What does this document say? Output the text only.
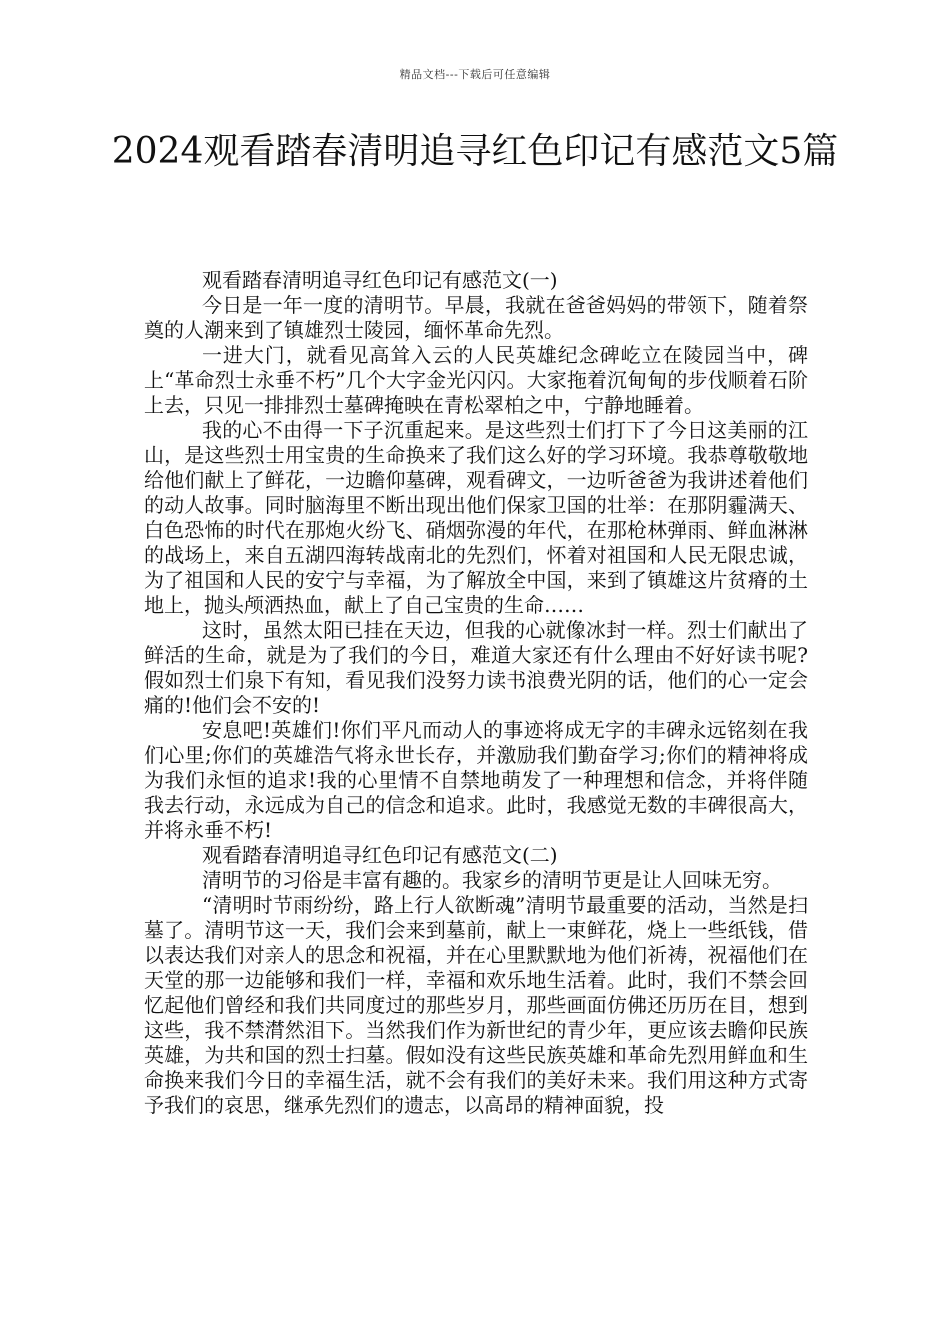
精品文档---下载后可任意编辑
2024观看踏春清明追寻红色印记有感范文5篇

观看踏春清明追寻红色印记有感范文(一)

今日是一年一度的清明节。早晨，我就在爸爸妈妈的带领下，随着祭奠的人潮来到了镇雄烈士陵园，缅怀革命先烈。

一进大门，就看见高耸入云的人民英雄纪念碑屹立在陵园当中，碑上“革命烈士永垂不朽”几个大字金光闪闪。大家拖着沉甸甸的步伐顺着石阶上去，只见一排排烈士墓碑掩映在青松翠柏之中，宁静地睡着。

我的心不由得一下子沉重起来。是这些烈士们打下了今日这美丽的江山，是这些烈士用宝贵的生命换来了我们这么好的学习环境。我恭尊敬敬地给他们献上了鲜花，一边瞻仰墓碑，观看碑文，一边听爸爸为我讲述着他们的动人故事。同时脑海里不断出现出他们保家卫国的壮举：在那阴霾满天、白色恐怖的时代在那炮火纷飞、硝烟弥漫的年代，在那枪林弹雨、鲜血淋淋的战场上，来自五湖四海转战南北的先烈们，怀着对祖国和人民无限忠诚，为了祖国和人民的安宁与幸福，为了解放全中国，来到了镇雄这片贫瘠的土地上，抛头颅洒热血，献上了自己宝贵的生命……

这时，虽然太阳已挂在天边，但我的心就像冰封一样。烈士们献出了鲜活的生命，就是为了我们的今日，难道大家还有什么理由不好好读书呢?假如烈士们泉下有知，看见我们没努力读书浪费光阴的话，他们的心一定会痛的!他们会不安的!

安息吧!英雄们!你们平凡而动人的事迹将成无字的丰碑永远铭刻在我们心里;你们的英雄浩气将永世长存，并激励我们勤奋学习;你们的精神将成为我们永恒的追求!我的心里情不自禁地萌发了一种理想和信念，并将伴随我去行动，永远成为自己的信念和追求。此时，我感觉无数的丰碑很高大，并将永垂不朽!

观看踏春清明追寻红色印记有感范文(二)

清明节的习俗是丰富有趣的。我家乡的清明节更是让人回味无穷。

“清明时节雨纷纷，路上行人欲断魂”清明节最重要的活动，当然是扫墓了。清明节这一天，我们会来到墓前，献上一束鲜花，烧上一些纸钱，借以表达我们对亲人的思念和祝福，并在心里默默地为他们祈祷，祝福他们在天堂的那一边能够和我们一样，幸福和欢乐地生活着。此时，我们不禁会回忆起他们曾经和我们共同度过的那些岁月，那些画面仿佛还历历在目，想到这些，我不禁潸然泪下。当然我们作为新世纪的青少年，更应该去瞻仰民族英雄，为共和国的烈士扫墓。假如没有这些民族英雄和革命先烈用鲜血和生命换来我们今日的幸福生活，就不会有我们的美好未来。我们用这种方式寄予我们的哀思，继承先烈们的遗志，以高昂的精神面貌，投
